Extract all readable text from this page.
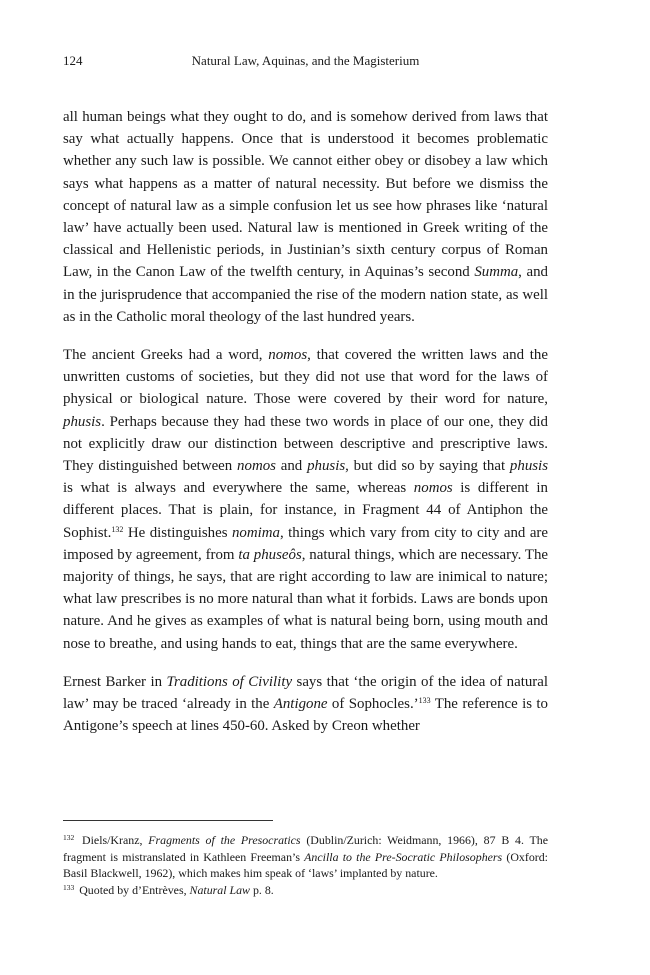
124	Natural Law, Aquinas, and the Magisterium

all human beings what they ought to do, and is somehow derived from laws that say what actually happens. Once that is understood it becomes problematic whether any such law is possible. We cannot either obey or disobey a law which says what happens as a matter of natural necessity. But before we dismiss the concept of natural law as a simple confusion let us see how phrases like ‘natural law’ have actually been used. Natural law is mentioned in Greek writing of the classical and Hellenistic periods, in Justinian’s sixth century corpus of Roman Law, in the Canon Law of the twelfth century, in Aquinas’s second Summa, and in the jurisprudence that accompanied the rise of the modern nation state, as well as in the Catholic moral theology of the last hundred years.

The ancient Greeks had a word, nomos, that covered the written laws and the unwritten customs of societies, but they did not use that word for the laws of physical or biological nature. Those were covered by their word for nature, phusis. Perhaps because they had these two words in place of our one, they did not explicitly draw our distinction between descriptive and prescriptive laws. They distinguished between nomos and phusis, but did so by saying that phusis is what is always and everywhere the same, whereas nomos is different in different places. That is plain, for instance, in Fragment 44 of Antiphon the Sophist.$^{132}$ He distinguishes nomima, things which vary from city to city and are imposed by agreement, from ta phuseôs, natural things, which are necessary. The majority of things, he says, that are right according to law are inimical to nature; what law prescribes is no more natural than what it forbids. Laws are bonds upon nature. And he gives as examples of what is natural being born, using mouth and nose to breathe, and using hands to eat, things that are the same everywhere.

Ernest Barker in Traditions of Civility says that ‘the origin of the idea of natural law’ may be traced ‘already in the Antigone of Sophocles.’$^{133}$ The reference is to Antigone’s speech at lines 450-60. Asked by Creon whether

$^{132}$ Diels/Kranz, Fragments of the Presocratics (Dublin/Zurich: Weidmann, 1966), 87 B 4. The fragment is mistranslated in Kathleen Freeman’s Ancilla to the Pre-Socratic Philosophers (Oxford: Basil Blackwell, 1962), which makes him speak of ‘laws’ implanted by nature.

$^{133}$ Quoted by d’Entrèves, Natural Law p. 8.
